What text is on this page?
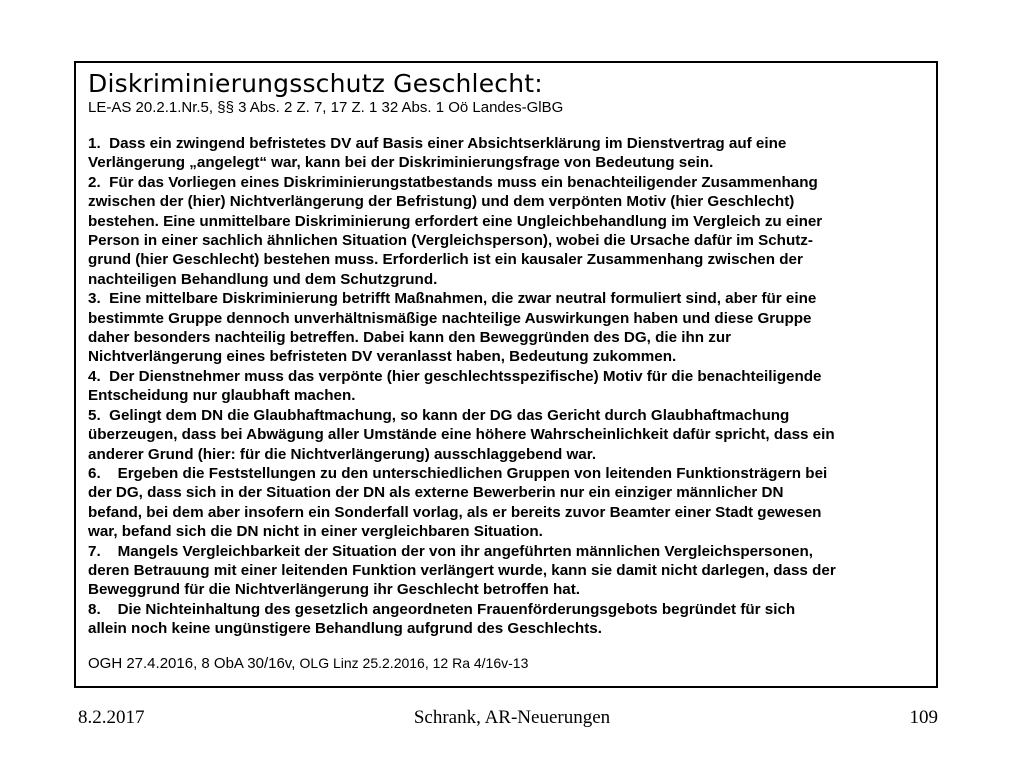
Diskriminierungsschutz Geschlecht:

LE-AS 20.2.1.Nr.5, §§ 3 Abs. 2 Z. 7, 17 Z. 1 32 Abs. 1 Oö Landes-GlBG

1. Dass ein zwingend befristetes DV auf Basis einer Absichtserklärung im Dienstvertrag auf eine
Verlängerung „angelegt“ war, kann bei der Diskriminierungsfrage von Bedeutung sein.
2. Für das Vorliegen eines Diskriminierungstatbestands muss ein benachteiligender Zusammenhang
zwischen der (hier) Nichtverlängerung der Befristung) und dem verpönten Motiv (hier Geschlecht)
bestehen. Eine unmittelbare Diskriminierung erfordert eine Ungleichbehandlung im Vergleich zu einer
Person in einer sachlich ähnlichen Situation (Vergleichsperson), wobei die Ursache dafür im Schutz-
grund (hier Geschlecht) bestehen muss. Erforderlich ist ein kausaler Zusammenhang zwischen der
nachteiligen Behandlung und dem Schutzgrund.
3. Eine mittelbare Diskriminierung betrifft Maßnahmen, die zwar neutral formuliert sind, aber für eine
bestimmte Gruppe dennoch unverhältnismäßige nachteilige Auswirkungen haben und diese Gruppe
daher besonders nachteilig betreffen. Dabei kann den Beweggründen des DG, die ihn zur
Nichtverlängerung eines befristeten DV veranlasst haben, Bedeutung zukommen.
4. Der Dienstnehmer muss das verpönte (hier geschlechtsspezifische) Motiv für die benachteiligende
Entscheidung nur glaubhaft machen.
5. Gelingt dem DN die Glaubhaftmachung, so kann der DG das Gericht durch Glaubhaftmachung
überzeugen, dass bei Abwägung aller Umstände eine höhere Wahrscheinlichkeit dafür spricht, dass ein
anderer Grund (hier: für die Nichtverlängerung) ausschlaggebend war.
6. Ergeben die Feststellungen zu den unterschiedlichen Gruppen von leitenden Funktionsträgern bei
der DG, dass sich in der Situation der DN als externe Bewerberin nur ein einziger männlicher DN
befand, bei dem aber insofern ein Sonderfall vorlag, als er bereits zuvor Beamter einer Stadt gewesen
war, befand sich die DN nicht in einer vergleichbaren Situation.
7. Mangels Vergleichbarkeit der Situation der von ihr angeführten männlichen Vergleichspersonen,
deren Betrauung mit einer leitenden Funktion verlängert wurde, kann sie damit nicht darlegen, dass der
Beweggrund für die Nichtverlängerung ihr Geschlecht betroffen hat.
8. Die Nichteinhaltung des gesetzlich angeordneten Frauenförderungsgebots begründet für sich
allein noch keine ungünstigere Behandlung aufgrund des Geschlechts.
OGH 27.4.2016, 8 ObA 30/16v, OLG Linz 25.2.2016, 12 Ra 4/16v-13
8.2.2017	Schrank, AR-Neuerungen	109
